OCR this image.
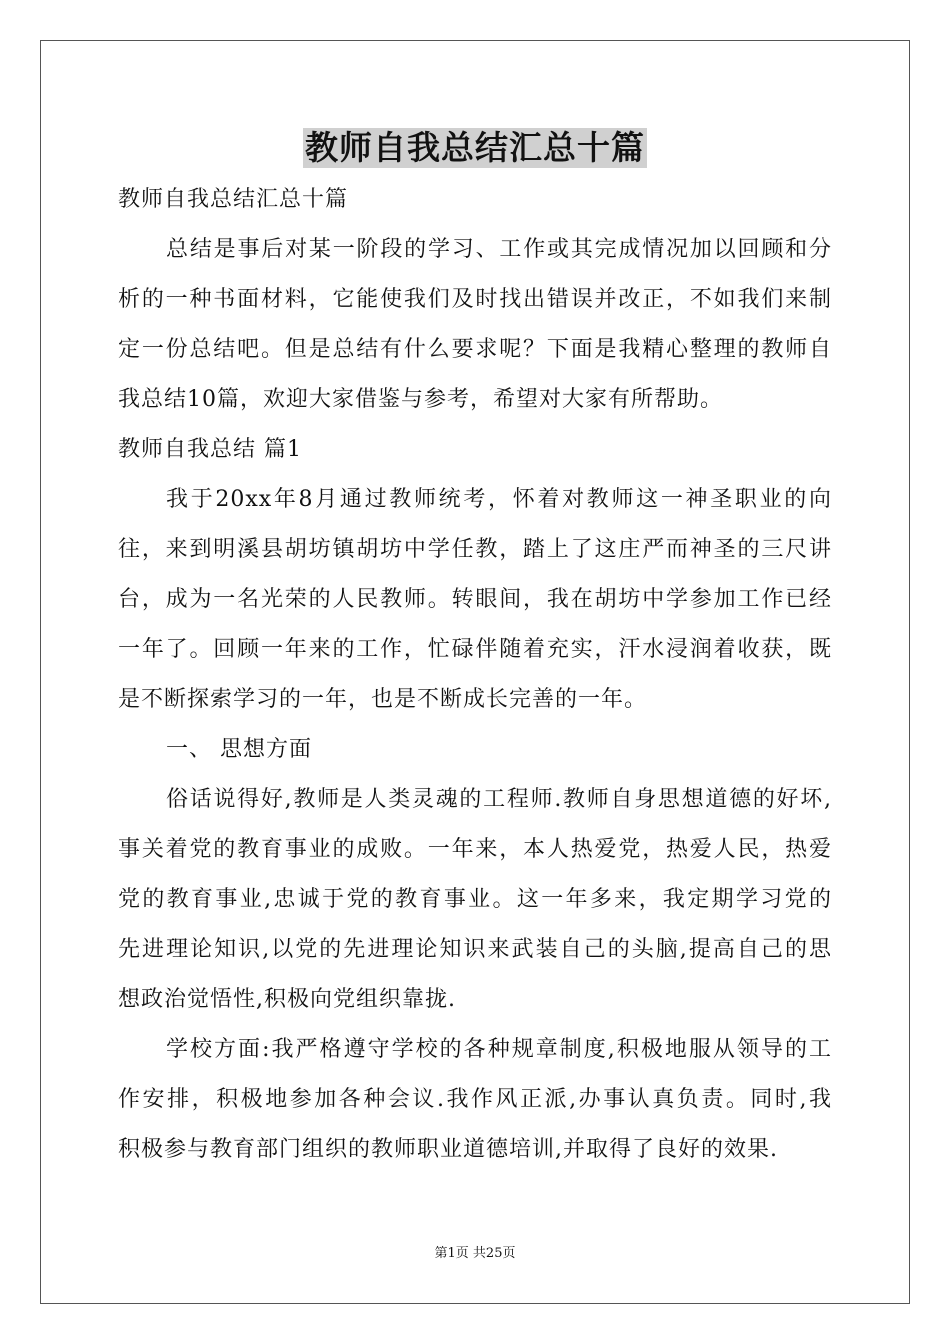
教师自我总结汇总十篇
教师自我总结汇总十篇
总结是事后对某一阶段的学习、工作或其完成情况加以回顾和分
析的一种书面材料，它能使我们及时找出错误并改正，不如我们来制
定一份总结吧。但是总结有什么要求呢？下面是我精心整理的教师自
我总结10篇，欢迎大家借鉴与参考，希望对大家有所帮助。
教师自我总结 篇1
我于20xx年8月通过教师统考，怀着对教师这一神圣职业的向
往，来到明溪县胡坊镇胡坊中学任教，踏上了这庄严而神圣的三尺讲
台，成为一名光荣的人民教师。转眼间，我在胡坊中学参加工作已经
一年了。回顾一年来的工作，忙碌伴随着充实，汗水浸润着收获，既
是不断探索学习的一年，也是不断成长完善的一年。
一、 思想方面
俗话说得好,教师是人类灵魂的工程师.教师自身思想道德的好坏,
事关着党的教育事业的成败。一年来，本人热爱党，热爱人民，热爱
党的教育事业,忠诚于党的教育事业。这一年多来，我定期学习党的
先进理论知识,以党的先进理论知识来武装自己的头脑,提高自己的思
想政治觉悟性,积极向党组织靠拢.
学校方面:我严格遵守学校的各种规章制度,积极地服从领导的工
作安排，积极地参加各种会议.我作风正派,办事认真负责。同时,我
积极参与教育部门组织的教师职业道德培训,并取得了良好的效果.
第1页 共25页
